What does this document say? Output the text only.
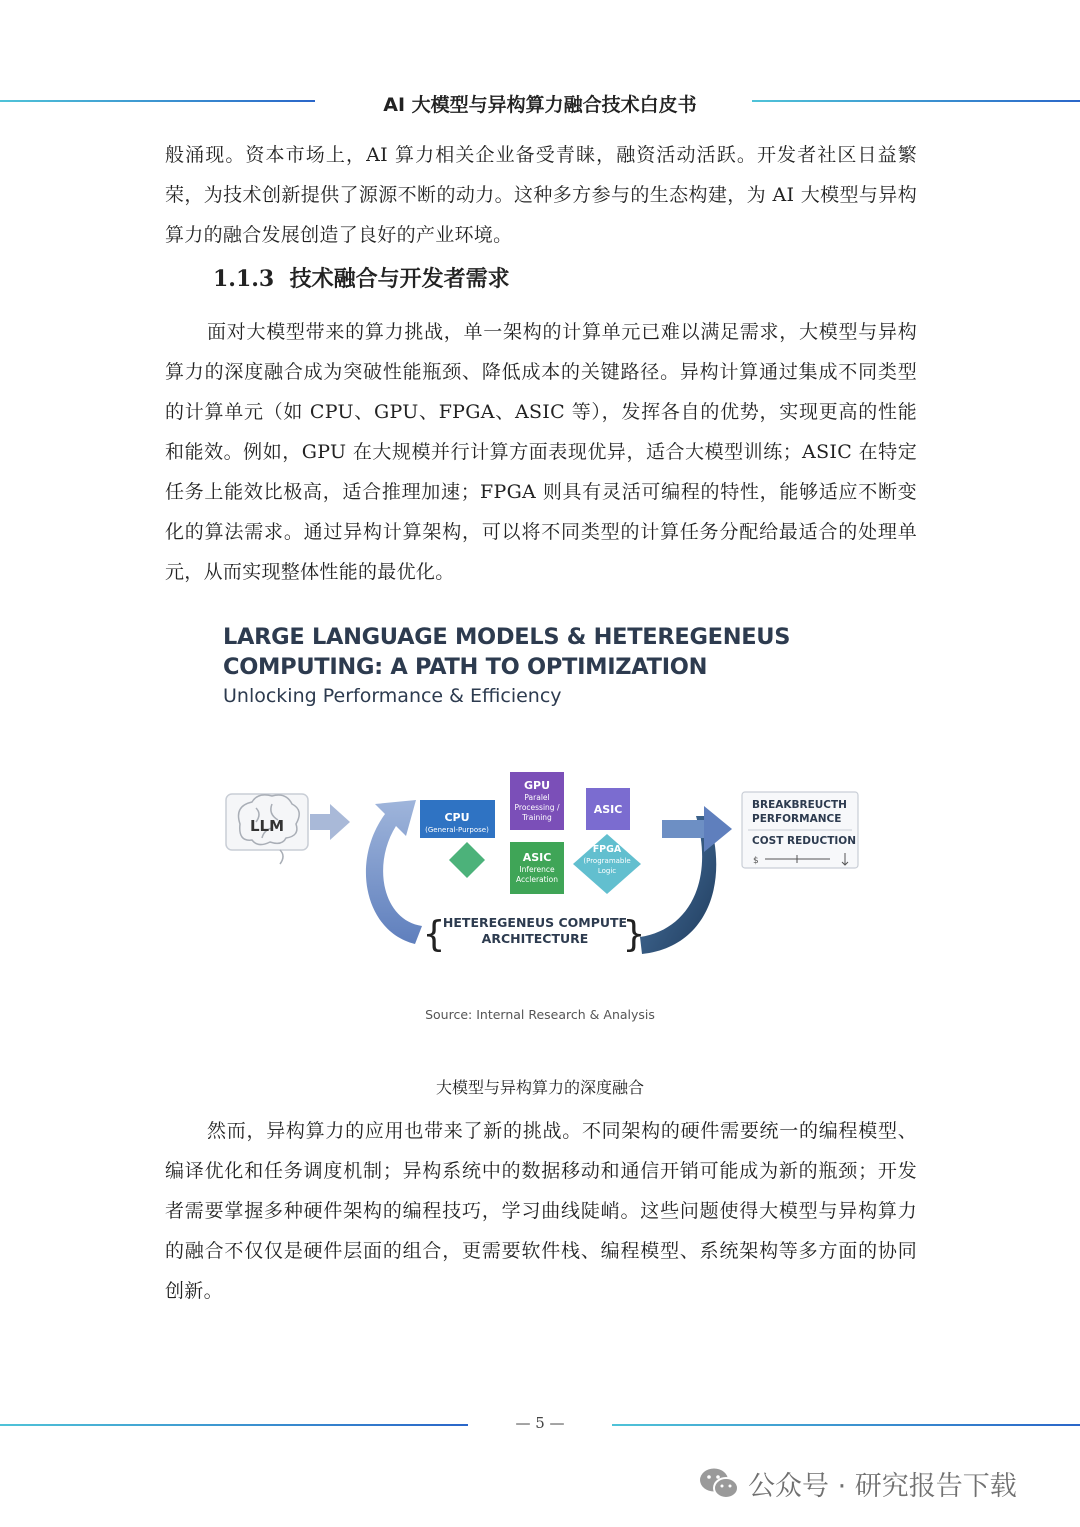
AI 大模型与异构算力融合技术白皮书

般涌现。资本市场上，AI 算力相关企业备受青睐，融资活动活跃。开发者社区日益繁荣，为技术创新提供了源源不断的动力。这种多方参与的生态构建，为 AI 大模型与异构算力的融合发展创造了良好的产业环境。

1.1.3 技术融合与开发者需求

面对大模型带来的算力挑战，单一架构的计算单元已难以满足需求，大模型与异构算力的深度融合成为突破性能瓶颈、降低成本的关键路径。异构计算通过集成不同类型的计算单元（如 CPU、GPU、FPGA、ASIC 等），发挥各自的优势，实现更高的性能和能效。例如，GPU 在大规模并行计算方面表现优异，适合大模型训练；ASIC 在特定任务上能效比极高，适合推理加速；FPGA 则具有灵活可编程的特性，能够适应不断变化的算法需求。通过异构计算架构，可以将不同类型的计算任务分配给最适合的处理单元，从而实现整体性能的最优化。

LARGE LANGUAGE MODELS & HETEREGENEUS
COMPUTING: A PATH TO OPTIMIZATION
Unlocking Performance & Efficiency
LLM	CPU
(General-Purpose)
GPU
Paralel
Processing /
Training
ASIC
ASIC
Inference
Accleration
FPGA
(Programable
Logic
{
HETEREGENEUS COMPUTE
ARCHITECTURE }
BREAKBREUCTH
PERFORMANCE
COST REDUCTION
$
Source: Internal Research & Analysis
大模型与异构算力的深度融合

然而，异构算力的应用也带来了新的挑战。不同架构的硬件需要统一的编程模型、编译优化和任务调度机制；异构系统中的数据移动和通信开销可能成为新的瓶颈；开发者需要掌握多种硬件架构的编程技巧，学习曲线陡峭。这些问题使得大模型与异构算力的融合不仅仅是硬件层面的组合，更需要软件栈、编程模型、系统架构等多方面的协同创新。

— 5 —
公众号 · 研究报告下载
